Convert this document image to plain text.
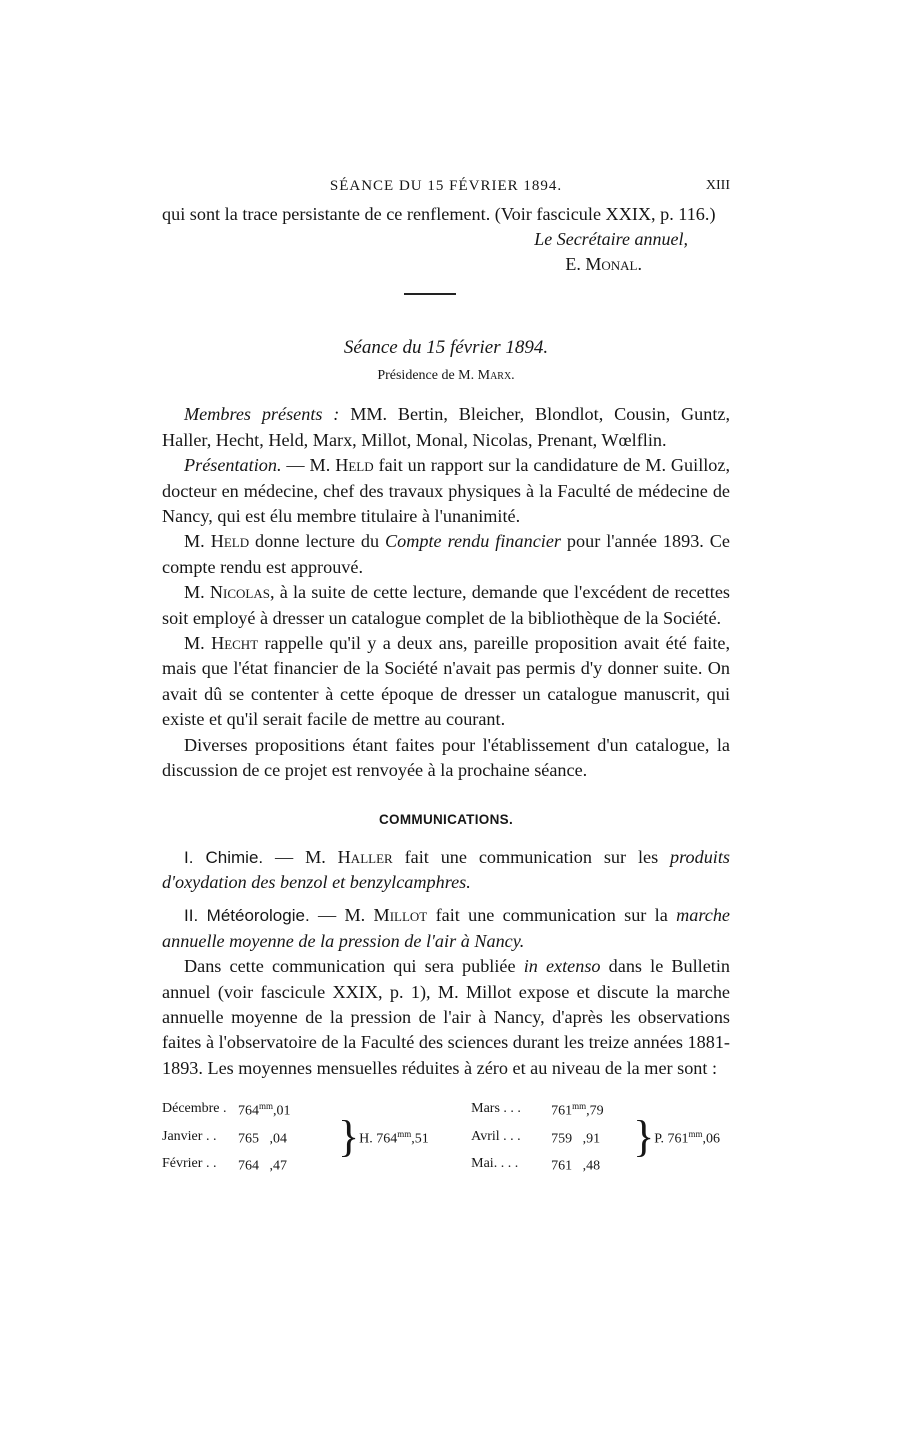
SÉANCE DU 15 FÉVRIER 1894.	XIII

qui sont la trace persistante de ce renflement. (Voir fascicule XXIX, p. 116.)

Le Secrétaire annuel,
E. Monal.
Séance du 15 février 1894.
Présidence de M. Marx.

Membres présents : MM. Bertin, Bleicher, Blondlot, Cousin, Guntz, Haller, Hecht, Held, Marx, Millot, Monal, Nicolas, Prenant, Wœlflin.

Présentation. — M. Held fait un rapport sur la candidature de M. Guilloz, docteur en médecine, chef des travaux physiques à la Faculté de médecine de Nancy, qui est élu membre titulaire à l'unanimité.

M. Held donne lecture du Compte rendu financier pour l'année 1893. Ce compte rendu est approuvé.

M. Nicolas, à la suite de cette lecture, demande que l'excédent de recettes soit employé à dresser un catalogue complet de la bibliothèque de la Société.

M. Hecht rappelle qu'il y a deux ans, pareille proposition avait été faite, mais que l'état financier de la Société n'avait pas permis d'y donner suite. On avait dû se contenter à cette époque de dresser un catalogue manuscrit, qui existe et qu'il serait facile de mettre au courant.

Diverses propositions étant faites pour l'établissement d'un catalogue, la discussion de ce projet est renvoyée à la prochaine séance.

COMMUNICATIONS.

I. Chimie. — M. Haller fait une communication sur les produits d'oxydation des benzol et benzylcamphres.

II. Météorologie. — M. Millot fait une communication sur la marche annuelle moyenne de la pression de l'air à Nancy.

Dans cette communication qui sera publiée in extenso dans le Bulletin annuel (voir fascicule XXIX, p. 1), M. Millot expose et discute la marche annuelle moyenne de la pression de l'air à Nancy, d'après les observations faites à l'observatoire de la Faculté des sciences durant les treize années 1881-1893. Les moyennes mensuelles réduites à zéro et au niveau de la mer sont :

Décembre .	$764^{mm},01$	}	H. $764^{mm},51$	Mars . . .	$761^{mm},79$	}	P. $761^{mm},06$
Janvier . .	765 ,04			Avril . . .	759 ,91		
Février . .	764 ,47			Mai. . . .	761 ,48		
